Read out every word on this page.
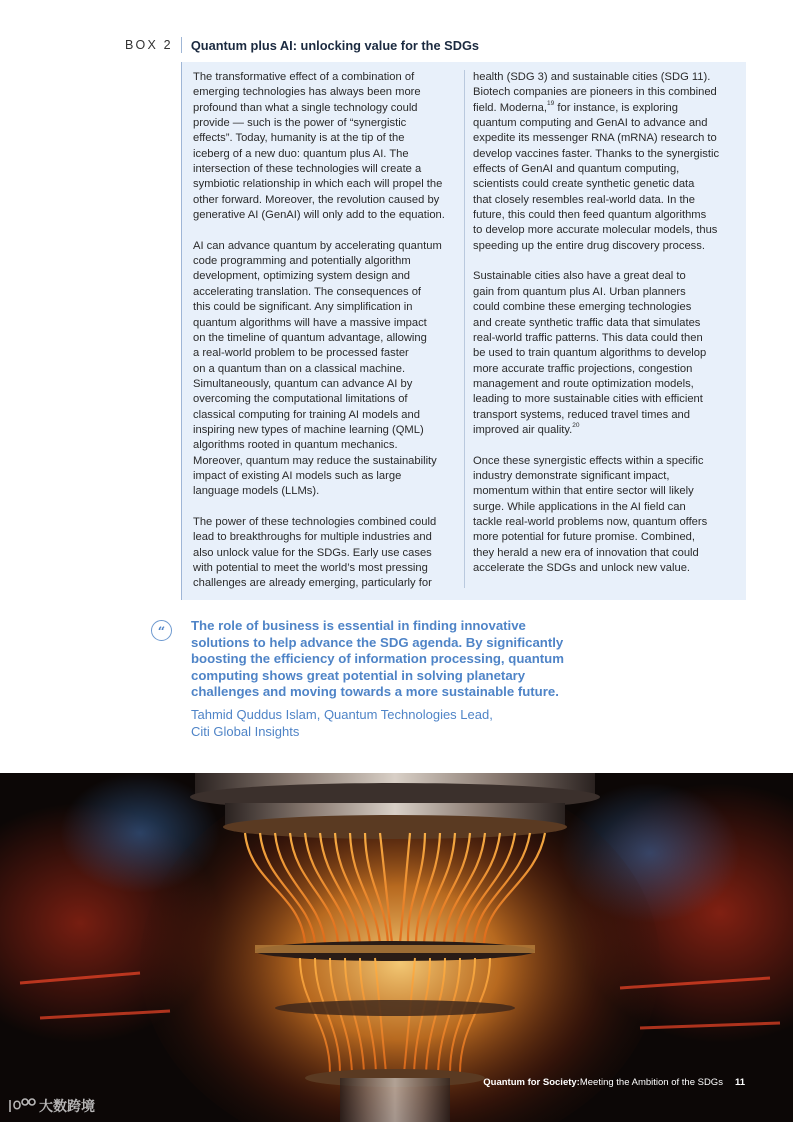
BOX 2 Quantum plus AI: unlocking value for the SDGs

The transformative effect of a combination of
emerging technologies has always been more
profound than what a single technology could
provide — such is the power of “synergistic
effects”. Today, humanity is at the tip of the
iceberg of a new duo: quantum plus AI. The
intersection of these technologies will create a
symbiotic relationship in which each will propel the
other forward. Moreover, the revolution caused by
generative AI (GenAI) will only add to the equation.

AI can advance quantum by accelerating quantum
code programming and potentially algorithm
development, optimizing system design and
accelerating translation. The consequences of
this could be significant. Any simplification in
quantum algorithms will have a massive impact
on the timeline of quantum advantage, allowing
a real-world problem to be processed faster
on a quantum than on a classical machine.
Simultaneously, quantum can advance AI by
overcoming the computational limitations of
classical computing for training AI models and
inspiring new types of machine learning (QML)
algorithms rooted in quantum mechanics.
Moreover, quantum may reduce the sustainability
impact of existing AI models such as large
language models (LLMs).

The power of these technologies combined could
lead to breakthroughs for multiple industries and
also unlock value for the SDGs. Early use cases
with potential to meet the world’s most pressing
challenges are already emerging, particularly for

health (SDG 3) and sustainable cities (SDG 11).
Biotech companies are pioneers in this combined
field. Moderna,$^{19}$ for instance, is exploring
quantum computing and GenAI to advance and
expedite its messenger RNA (mRNA) research to
develop vaccines faster. Thanks to the synergistic
effects of GenAI and quantum computing,
scientists could create synthetic genetic data
that closely resembles real-world data. In the
future, this could then feed quantum algorithms
to develop more accurate molecular models, thus
speeding up the entire drug discovery process.

Sustainable cities also have a great deal to
gain from quantum plus AI. Urban planners
could combine these emerging technologies
and create synthetic traffic data that simulates
real-world traffic patterns. This data could then
be used to train quantum algorithms to develop
more accurate traffic projections, congestion
management and route optimization models,
leading to more sustainable cities with efficient
transport systems, reduced travel times and
improved air quality.$^{20}$

Once these synergistic effects within a specific
industry demonstrate significant impact,
momentum within that entire sector will likely
surge. While applications in the AI field can
tackle real-world problems now, quantum offers
more potential for future promise. Combined,
they herald a new era of innovation that could
accelerate the SDGs and unlock new value.

“ The role of business is essential in finding innovative
solutions to help advance the SDG agenda. By significantly
boosting the efficiency of information processing, quantum
computing shows great potential in solving planetary
challenges and moving towards a more sustainable future.
Tahmid Quddus Islam, Quantum Technologies Lead,
Citi Global Insights
Quantum for Society: Meeting the Ambition of the SDGs 11
大数跨境
